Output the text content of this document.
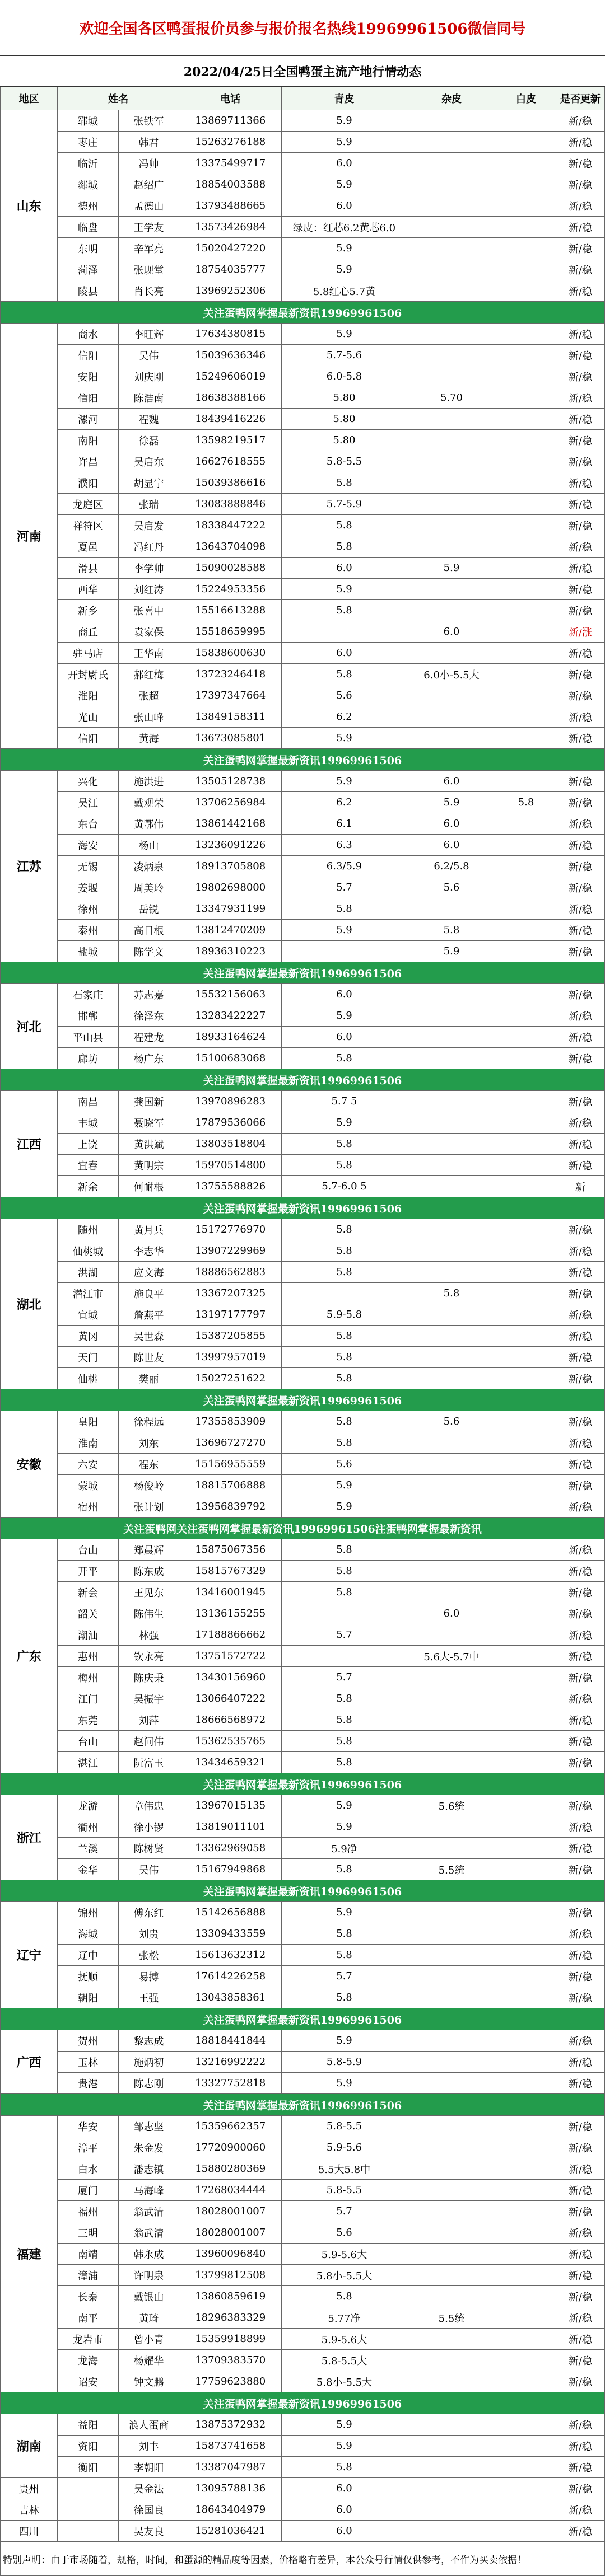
欢迎全国各区鸭蛋报价员参与报价报名热线19969961506微信同号
2022/04/25日全国鸭蛋主流产地行情动态
地区	姓名		电话	青皮	杂皮	白皮	是否更新
山东	郓城	张铁军	13869711366	5.9			新/稳
	枣庄	韩君	15263276188	5.9			新/稳
	临沂	冯帅	13375499717	6.0			新/稳
	郯城	赵绍广	18854003588	5.9			新/稳
	德州	孟德山	13793488665	6.0			新/稳
	临盘	王学友	13573426984	绿皮：红芯6.2黄芯6.0			新/稳
	东明	辛军亮	15020427220	5.9			新/稳
	菏泽	张现堂	18754035777	5.9			新/稳
	陵县	肖长亮	13969252306	5.8红心5.7黄			新/稳
关注蛋鸭网掌握最新资讯19969961506							
河南	商水	李旺辉	17634380815	5.9			新/稳
	信阳	吴伟	15039636346	5.7-5.6			新/稳
	安阳	刘庆刚	15249606019	6.0-5.8			新/稳
	信阳	陈浩南	18638388166	5.80	5.70		新/稳
	漯河	程魏	18439416226	5.80			新/稳
	南阳	徐磊	13598219517	5.80			新/稳
	许昌	吴启东	16627618555	5.8-5.5			新/稳
	濮阳	胡显宁	15039386616	5.8			新/稳
	龙庭区	张瑞	13083888846	5.7-5.9			新/稳
	祥符区	吴启发	18338447222	5.8			新/稳
	夏邑	冯红丹	13643704098	5.8			新/稳
	滑县	李学帅	15090028588	6.0	5.9		新/稳
	西华	刘红涛	15224953356	5.9			新/稳
	新乡	张喜中	15516613288	5.8			新/稳
	商丘	袁家保	15518659995		6.0		新/涨
	驻马店	王华南	15838600630	6.0			新/稳
	开封尉氏	郝红梅	13723246418	5.8	6.0小-5.5大		新/稳
	淮阳	张超	17397347664	5.6			新/稳
	光山	张山峰	13849158311	6.2			新/稳
	信阳	黄海	13673085801	5.9			新/稳
关注蛋鸭网掌握最新资讯19969961506							
江苏	兴化	施洪进	13505128738	5.9	6.0		新/稳
	吴江	戴观荣	13706256984	6.2	5.9	5.8	新/稳
	东台	黄鄂伟	13861442168	6.1	6.0		新/稳
	海安	杨山	13236091226	6.3	6.0		新/稳
	无锡	凌炳泉	18913705808	6.3/5.9	6.2/5.8		新/稳
	姜堰	周美玲	19802698000	5.7	5.6		新/稳
	徐州	岳锐	13347931199	5.8			新/稳
	泰州	高日根	13812470209	5.9	5.8		新/稳
	盐城	陈学文	18936310223		5.9		新/稳
关注蛋鸭网掌握最新资讯19969961506							
河北	石家庄	苏志嘉	15532156063	6.0			新/稳
	邯郸	徐泽东	13283422227	5.9			新/稳
	平山县	程建龙	18933164624	6.0			新/稳
	廊坊	杨广东	15100683068	5.8			新/稳
关注蛋鸭网掌握最新资讯19969961506							
江西	南昌	龚国新	13970896283	5.7 5			新/稳
	丰城	聂晓军	17879536066	5.9			新/稳
	上饶	黄洪斌	13803518804	5.8			新/稳
	宜春	黄明宗	15970514800	5.8			新/稳
	新余	何耐根	13755588826	5.7-6.0 5			新
关注蛋鸭网掌握最新资讯19969961506							
湖北	随州	黄月兵	15172776970	5.8			新/稳
	仙桃城	李志华	13907229969	5.8			新/稳
	洪湖	应文海	18886562883	5.8			新/稳
	潜江市	施良平	13367207325		5.8		新/稳
	宜城	詹燕平	13197177797	5.9-5.8			新/稳
	黄冈	吴世森	15387205855	5.8			新/稳
	天门	陈世友	13997957019	5.8			新/稳
	仙桃	樊丽	15027251622	5.8			新/稳
关注蛋鸭网掌握最新资讯19969961506							
安徽	皇阳	徐程远	17355853909	5.8	5.6		新/稳
	淮南	刘东	13696727270	5.8			新/稳
	六安	程东	15156955559	5.6			新/稳
	蒙城	杨俊岭	18815706888	5.9			新/稳
	宿州	张计划	13956839792	5.9			新/稳
关注蛋鸭网关注蛋鸭网掌握最新资讯19969961506注蛋鸭网掌握最新资讯							
广东	台山	郑晨辉	15875067356	5.8			新/稳
	开平	陈东成	15815767329	5.8			新/稳
	新会	王见东	13416001945	5.8			新/稳
	韶关	陈伟生	13136155255		6.0		新/稳
	潮汕	林强	17188866662	5.7			新/稳
	惠州	钦永亮	13751572722		5.6大-5.7中		新/稳
	梅州	陈庆秉	13430156960	5.7			新/稳
	江门	吴振宇	13066407222	5.8			新/稳
	东莞	刘萍	18666568972	5.8			新/稳
	台山	赵问伟	15362535765	5.8			新/稳
	湛江	阮富玉	13434659321	5.8			新/稳
关注蛋鸭网掌握最新资讯19969961506							
浙江	龙游	章伟忠	13967015135	5.9	5.6统		新/稳
	衢州	徐小锣	13819011101	5.9			新/稳
	兰溪	陈树贤	13362969058	5.9净			新/稳
	金华	吴伟	15167949868	5.8	5.5统		新/稳
关注蛋鸭网掌握最新资讯19969961506							
辽宁	锦州	傅东红	15142656888	5.9			新/稳
	海城	刘贵	13309433559	5.8			新/稳
	辽中	张松	15613632312	5.8			新/稳
	抚顺	易搏	17614226258	5.7			新/稳
	朝阳	王强	13043858361	5.8			新/稳
关注蛋鸭网掌握最新资讯19969961506							
广西	贺州	黎志成	18818441844	5.9			新/稳
	玉林	施炳初	13216992222	5.8-5.9			新/稳
	贵港	陈志刚	13327752818	5.9			新/稳
关注蛋鸭网掌握最新资讯19969961506							
福建	华安	邹志坚	15359662357	5.8-5.5			新/稳
	漳平	朱金发	17720900060	5.9-5.6			新/稳
	白水	潘志镇	15880280369	5.5大5.8中			新/稳
	厦门	马海峰	17268034444	5.8-5.5			新/稳
	福州	翁武清	18028001007	5.7			新/稳
	三明	翁武清	18028001007	5.6			新/稳
	南靖	韩永成	13960096840	5.9-5.6大			新/稳
	漳浦	许明泉	13799812508	5.8小-5.5大			新/稳
	长泰	戴银山	13860859619	5.8			新/稳
	南平	黄琦	18296383329	5.77净	5.5统		新/稳
	龙岩市	曾小青	15359918899	5.9-5.6大			新/稳
	龙海	杨耀华	13709383570	5.8-5.5大			新/稳
	诏安	钟文鹏	17759623880	5.8小-5.5大			新/稳
关注蛋鸭网掌握最新资讯19969961506							
湖南	益阳	浪人蛋商	13875372932	5.9			新/稳
	资阳	刘丰	15873741658	5.9			新/稳
	衡阳	李朝阳	13387047987	5.8			新/稳
贵州		吴金法	13095788136	6.0			新/稳
吉林		徐国良	18643404979	6.0			新/稳
四川		吴友良	15281036421	6.0			新/稳
特别声明：由于市场随着，规格，时间，和蛋源的精品度等因素，价格略有差异，本公众号行情仅供参考，不作为买卖依据！							
